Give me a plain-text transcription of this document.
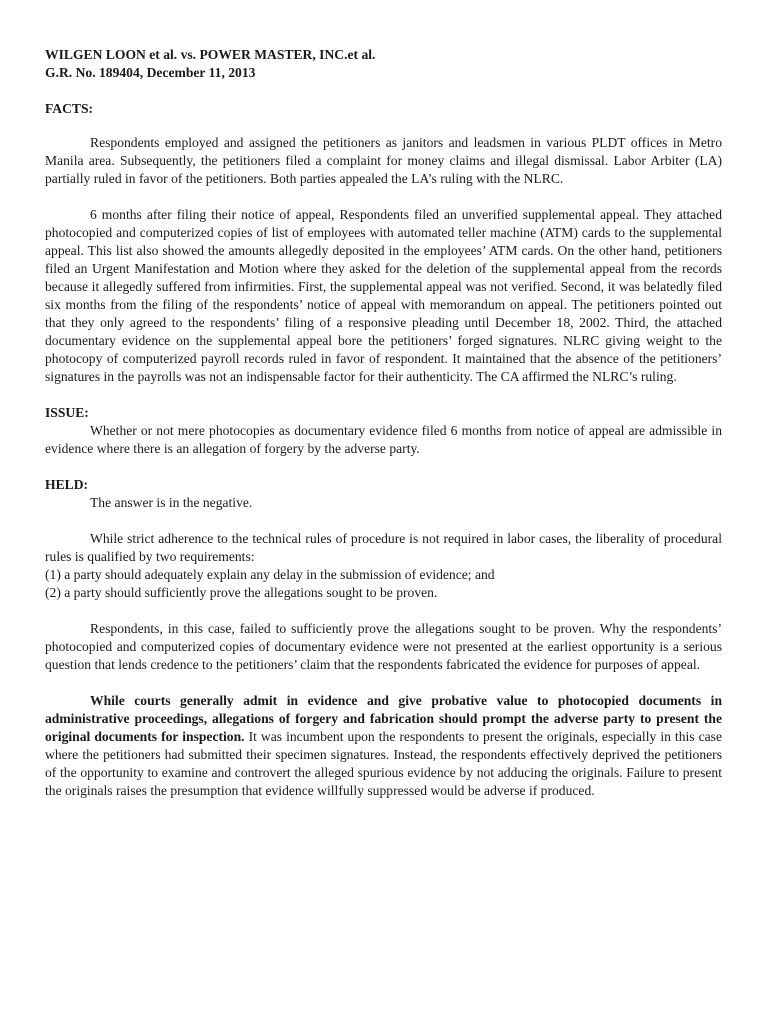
WILGEN LOON et al. vs. POWER MASTER, INC.et al.
G.R. No. 189404, December 11, 2013
FACTS:

Respondents employed and assigned the petitioners as janitors and leadsmen in various PLDT offices in Metro Manila area. Subsequently, the petitioners filed a complaint for money claims and illegal dismissal. Labor Arbiter (LA) partially ruled in favor of the petitioners. Both parties appealed the LA’s ruling with the NLRC.

6 months after filing their notice of appeal, Respondents filed an unverified supplemental appeal. They attached photocopied and computerized copies of list of employees with automated teller machine (ATM) cards to the supplemental appeal. This list also showed the amounts allegedly deposited in the employees’ ATM cards. On the other hand, petitioners filed an Urgent Manifestation and Motion where they asked for the deletion of the supplemental appeal from the records because it allegedly suffered from infirmities. First, the supplemental appeal was not verified. Second, it was belatedly filed six months from the filing of the respondents’ notice of appeal with memorandum on appeal. The petitioners pointed out that they only agreed to the respondents’ filing of a responsive pleading until December 18, 2002. Third, the attached documentary evidence on the supplemental appeal bore the petitioners’ forged signatures. NLRC giving weight to the photocopy of computerized payroll records ruled in favor of respondent. It maintained that the absence of the petitioners’ signatures in the payrolls was not an indispensable factor for their authenticity. The CA affirmed the NLRC’s ruling.

ISSUE:

Whether or not mere photocopies as documentary evidence filed 6 months from notice of appeal are admissible in evidence where there is an allegation of forgery by the adverse party.

HELD:

The answer is in the negative.

While strict adherence to the technical rules of procedure is not required in labor cases, the liberality of procedural rules is qualified by two requirements:

(1) a party should adequately explain any delay in the submission of evidence; and
(2) a party should sufficiently prove the allegations sought to be proven.

Respondents, in this case, failed to sufficiently prove the allegations sought to be proven. Why the respondents’ photocopied and computerized copies of documentary evidence were not presented at the earliest opportunity is a serious question that lends credence to the petitioners’ claim that the respondents fabricated the evidence for purposes of appeal.

While courts generally admit in evidence and give probative value to photocopied documents in administrative proceedings, allegations of forgery and fabrication should prompt the adverse party to present the original documents for inspection. It was incumbent upon the respondents to present the originals, especially in this case where the petitioners had submitted their specimen signatures. Instead, the respondents effectively deprived the petitioners of the opportunity to examine and controvert the alleged spurious evidence by not adducing the originals. Failure to present the originals raises the presumption that evidence willfully suppressed would be adverse if produced.
